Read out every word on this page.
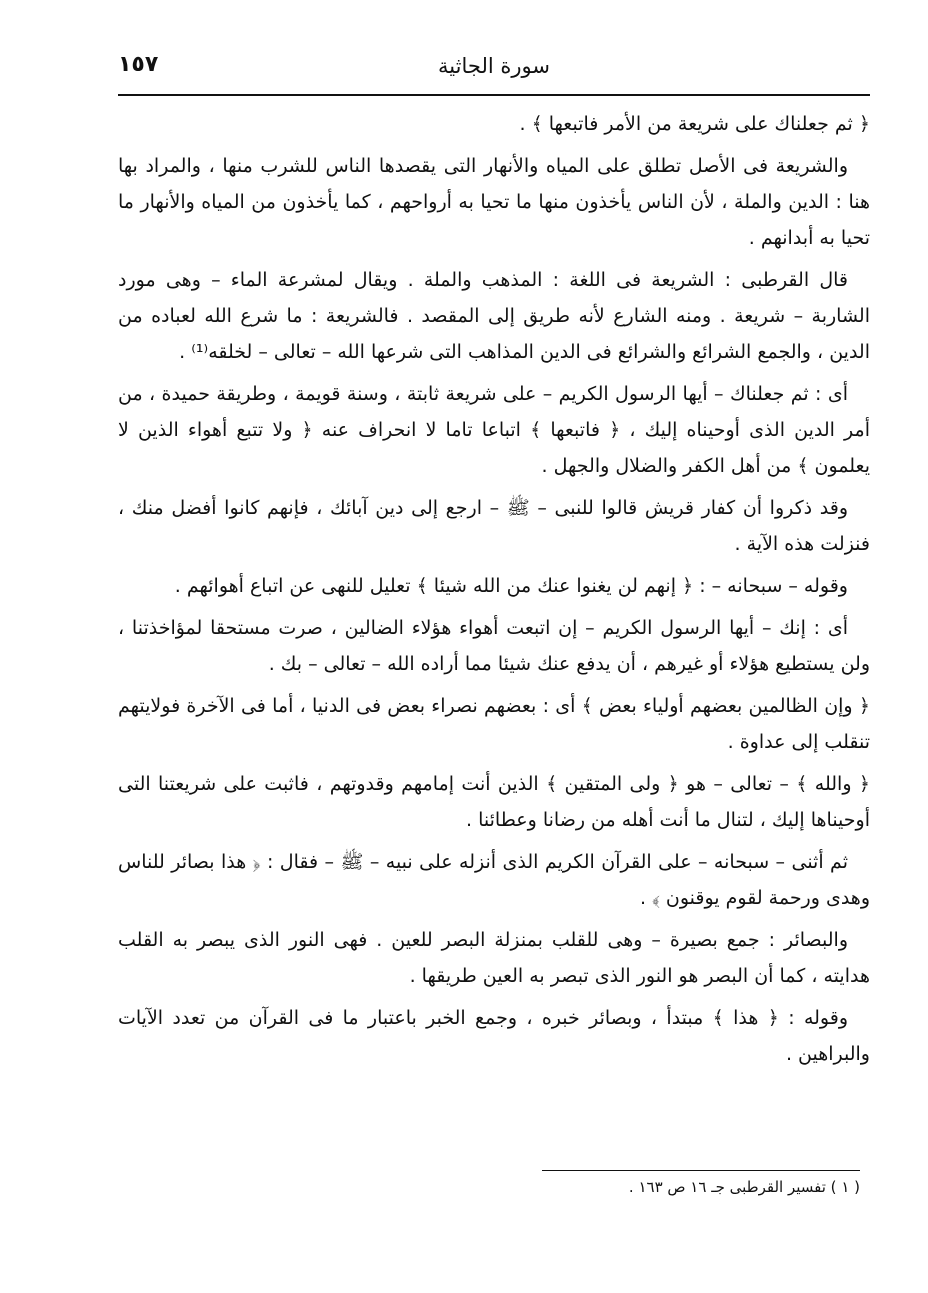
١٥٧	سورة الجاثية

﴿ ثم جعلناك على شريعة من الأمر فاتبعها ﴾ .

والشريعة فى الأصل تطلق على المياه والأنهار التى يقصدها الناس للشرب منها ، والمراد بها هنا : الدين والملة ، لأن الناس يأخذون منها ما تحيا به أرواحهم ، كما يأخذون من المياه والأنهار ما تحيا به أبدانهم .

قال القرطبى : الشريعة فى اللغة : المذهب والملة . ويقال لمشرعة الماء – وهى مورد الشاربة – شريعة . ومنه الشارع لأنه طريق إلى المقصد . فالشريعة : ما شرع الله لعباده من الدين ، والجمع الشرائع والشرائع فى الدين المذاهب التى شرعها الله – تعالى – لخلقه⁽¹⁾ .

أى : ثم جعلناك – أيها الرسول الكريم – على شريعة ثابتة ، وسنة قويمة ، وطريقة حميدة ، من أمر الدين الذى أوحيناه إليك ، ﴿ فاتبعها ﴾ اتباعا تاما لا انحراف عنه ﴿ ولا تتبع أهواء الذين لا يعلمون ﴾ من أهل الكفر والضلال والجهل .

وقد ذكروا أن كفار قريش قالوا للنبى – ﷺ – ارجع إلى دين آبائك ، فإنهم كانوا أفضل منك ، فنزلت هذه الآية .

وقوله – سبحانه – : ﴿ إنهم لن يغنوا عنك من الله شيئا ﴾ تعليل للنهى عن اتباع أهوائهم .

أى : إنك – أيها الرسول الكريم – إن اتبعت أهواء هؤلاء الضالين ، صرت مستحقا لمؤاخذتنا ، ولن يستطيع هؤلاء أو غيرهم ، أن يدفع عنك شيئا مما أراده الله – تعالى – بك .

﴿ وإن الظالمين بعضهم أولياء بعض ﴾ أى : بعضهم نصراء بعض فى الدنيا ، أما فى الآخرة فولايتهم تنقلب إلى عداوة .

﴿ والله ﴾ – تعالى – هو ﴿ ولى المتقين ﴾ الذين أنت إمامهم وقدوتهم ، فاثبت على شريعتنا التى أوحيناها إليك ، لتنال ما أنت أهله من رضانا وعطائنا .

ثم أثنى – سبحانه – على القرآن الكريم الذى أنزله على نبيه – ﷺ – فقال : ﴿ هذا بصائر للناس وهدى ورحمة لقوم يوقنون ﴾ .

والبصائر : جمع بصيرة – وهى للقلب بمنزلة البصر للعين . فهى النور الذى يبصر به القلب هدايته ، كما أن البصر هو النور الذى تبصر به العين طريقها .

وقوله : ﴿ هذا ﴾ مبتدأ ، وبصائر خبره ، وجمع الخبر باعتبار ما فى القرآن من تعدد الآيات والبراهين .

( ١ ) تفسير القرطبى جـ ١٦ ص ١٦٣ .
